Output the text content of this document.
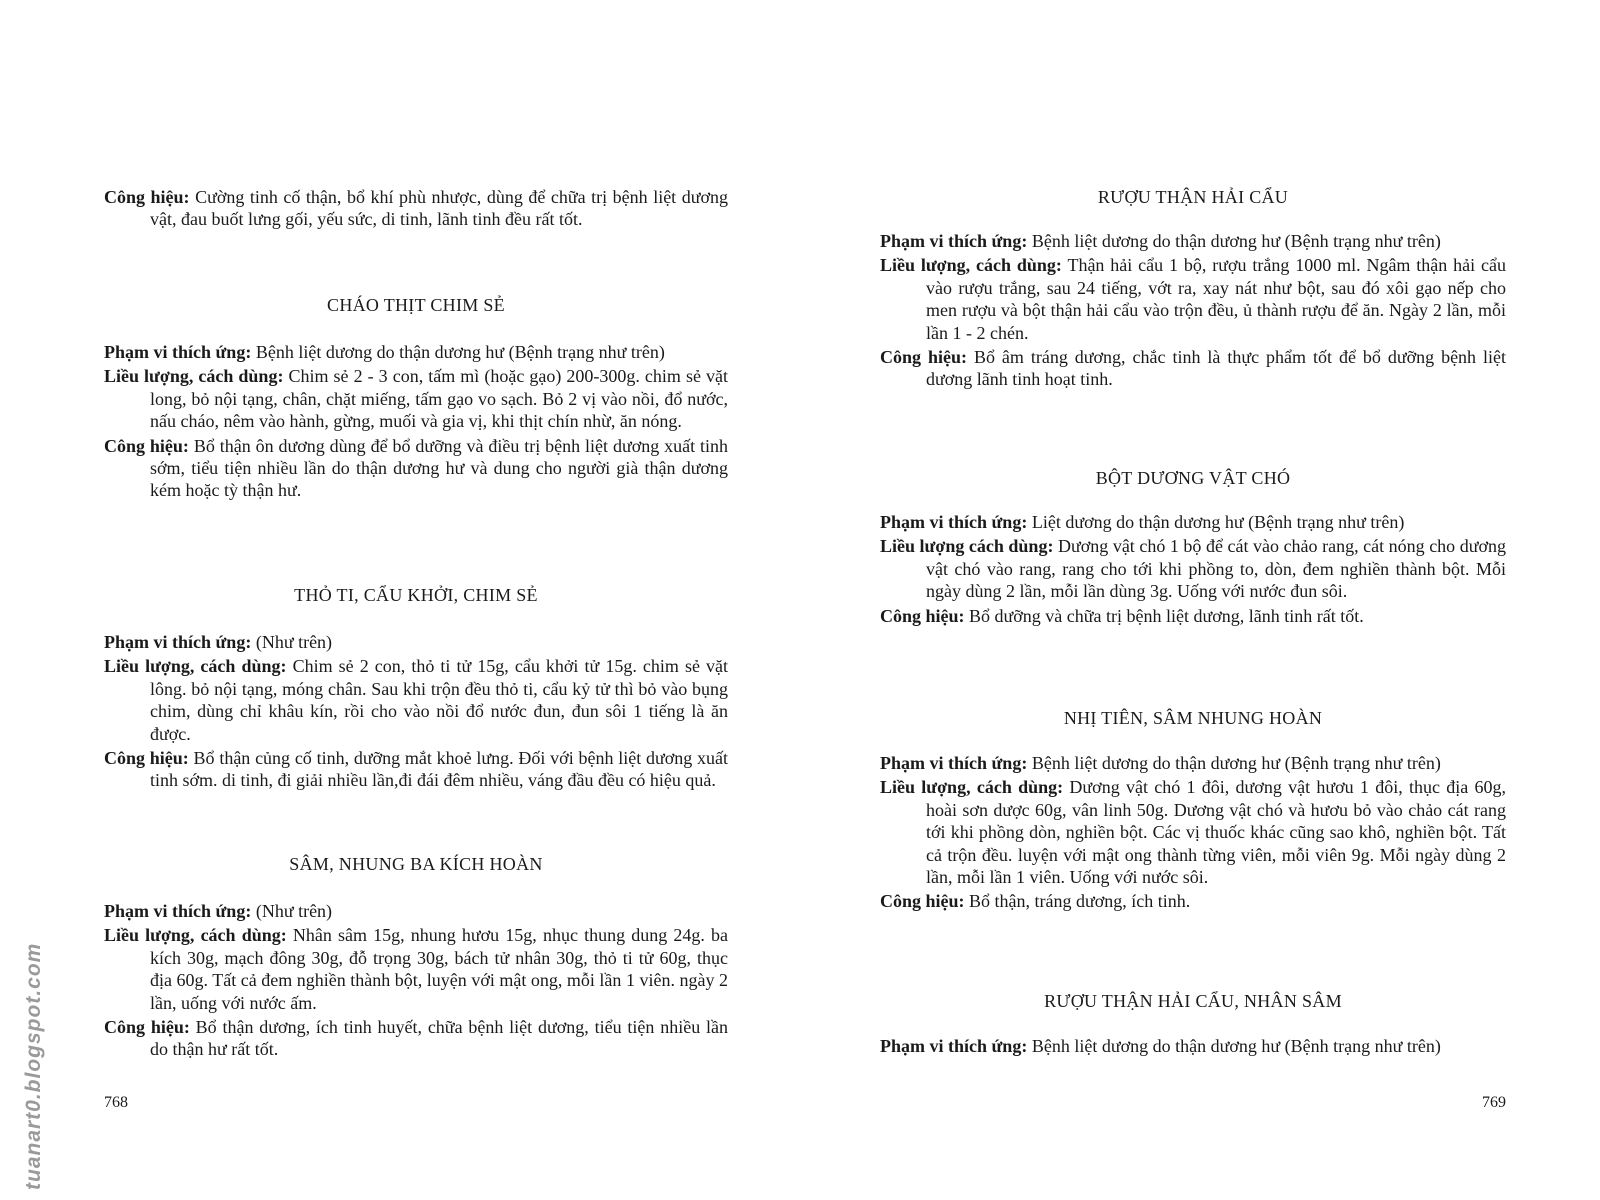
Công hiệu: Cường tinh cố thận, bổ khí phù nhược, dùng để chữa trị bệnh liệt dương vật, đau buốt lưng gối, yếu sức, di tinh, lãnh tinh đều rất tốt.

CHÁO THỊT CHIM SẺ

Phạm vi thích ứng: Bệnh liệt dương do thận dương hư (Bệnh trạng như trên)

Liều lượng, cách dùng: Chim sẻ 2 - 3 con, tấm mì (hoặc gạo) 200-300g. chim sẻ vặt long, bỏ nội tạng, chân, chặt miếng, tấm gạo vo sạch. Bỏ 2 vị vào nồi, đổ nước, nấu cháo, nêm vào hành, gừng, muối và gia vị, khi thịt chín nhừ, ăn nóng.

Công hiệu: Bổ thận ôn dương dùng để bổ dưỡng và điều trị bệnh liệt dương xuất tinh sớm, tiểu tiện nhiều lần do thận dương hư và dung cho người già thận dương kém hoặc tỳ thận hư.

THỎ TI, CẨU KHỞI, CHIM SẺ

Phạm vi thích ứng: (Như trên)

Liều lượng, cách dùng: Chim sẻ 2 con, thỏ ti tử 15g, cẩu khởi tử 15g. chim sẻ vặt lông. bỏ nội tạng, móng chân. Sau khi trộn đều thỏ ti, cẩu kỷ tử thì bỏ vào bụng chim, dùng chỉ khâu kín, rồi cho vào nồi đổ nước đun, đun sôi 1 tiếng là ăn được.

Công hiệu: Bổ thận củng cố tinh, dưỡng mắt khoẻ lưng. Đối với bệnh liệt dương xuất tinh sớm. di tinh, đi giải nhiều lần,đi đái đêm nhiều, váng đầu đều có hiệu quả.

SÂM, NHUNG BA KÍCH HOÀN

Phạm vi thích ứng: (Như trên)

Liều lượng, cách dùng: Nhân sâm 15g, nhung hươu 15g, nhục thung dung 24g. ba kích 30g, mạch đông 30g, đỗ trọng 30g, bách tử nhân 30g, thỏ ti tử 60g, thục địa 60g. Tất cả đem nghiền thành bột, luyện với mật ong, mỗi lần 1 viên. ngày 2 lần, uống với nước ấm.

Công hiệu: Bổ thận dương, ích tinh huyết, chữa bệnh liệt dương, tiểu tiện nhiều lần do thận hư rất tốt.

768
RƯỢU THẬN HẢI CẨU

Phạm vi thích ứng: Bệnh liệt dương do thận dương hư (Bệnh trạng như trên)

Liều lượng, cách dùng: Thận hải cẩu 1 bộ, rượu trắng 1000 ml. Ngâm thận hải cẩu vào rượu trắng, sau 24 tiếng, vớt ra, xay nát như bột, sau đó xôi gạo nếp cho men rượu và bột thận hải cẩu vào trộn đều, ủ thành rượu để ăn. Ngày 2 lần, mỗi lần 1 - 2 chén.

Công hiệu: Bổ âm tráng dương, chắc tinh là thực phẩm tốt để bổ dưỡng bệnh liệt dương lãnh tinh hoạt tinh.

BỘT DƯƠNG VẬT CHÓ

Phạm vi thích ứng: Liệt dương do thận dương hư (Bệnh trạng như trên)

Liều lượng cách dùng: Dương vật chó 1 bộ để cát vào chảo rang, cát nóng cho dương vật chó vào rang, rang cho tới khi phồng to, dòn, đem nghiền thành bột. Mỗi ngày dùng 2 lần, mỗi lần dùng 3g. Uống với nước đun sôi.

Công hiệu: Bổ dưỡng và chữa trị bệnh liệt dương, lãnh tinh rất tốt.

NHỊ TIÊN, SÂM NHUNG HOÀN

Phạm vi thích ứng: Bệnh liệt dương do thận dương hư (Bệnh trạng như trên)

Liều lượng, cách dùng: Dương vật chó 1 đôi, dương vật hươu 1 đôi, thục địa 60g, hoài sơn dược 60g, vân linh 50g. Dương vật chó và hươu bỏ vào chảo cát rang tới khi phồng dòn, nghiền bột. Các vị thuốc khác cũng sao khô, nghiền bột. Tất cả trộn đều. luyện với mật ong thành từng viên, mỗi viên 9g. Mỗi ngày dùng 2 lần, mỗi lần 1 viên. Uống với nước sôi.

Công hiệu: Bổ thận, tráng dương, ích tinh.

RƯỢU THẬN HẢI CẨU, NHÂN SÂM

Phạm vi thích ứng: Bệnh liệt dương do thận dương hư (Bệnh trạng như trên)

769
tuanart0.blogspot.com
